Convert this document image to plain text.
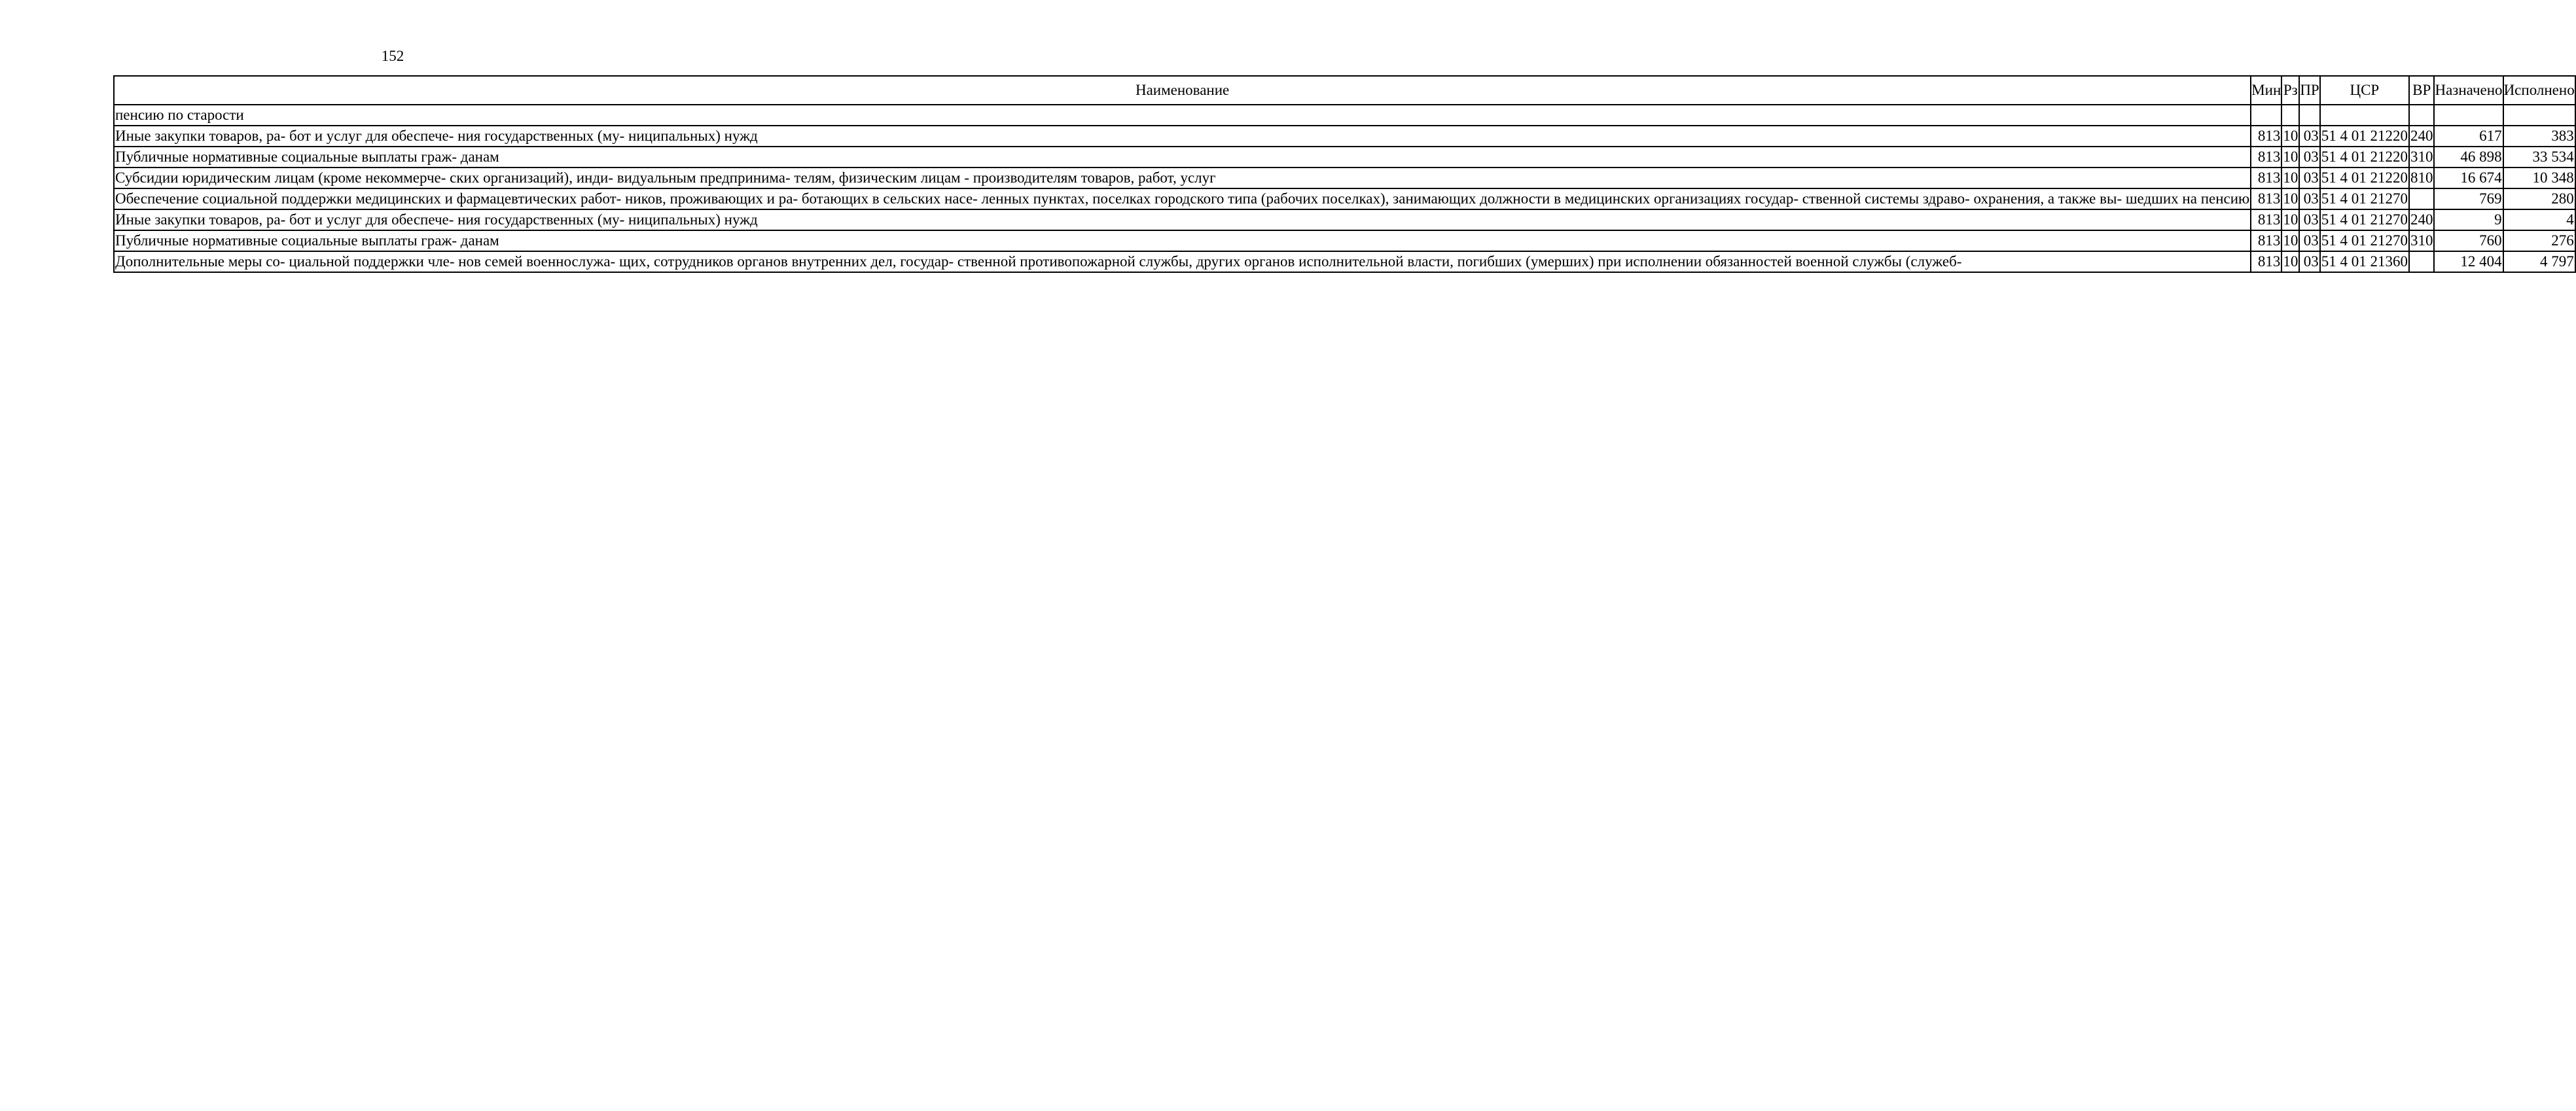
152
Наименование	Мин	Рз	ПР	ЦСР	ВР	Назначено	Исполнено
пенсию по старости							
Иные закупки товаров, ра- бот и услуг для обеспече- ния государственных (му- ниципальных) нужд	813	10	03	51 4 01 21220	240	617	383
Публичные нормативные социальные выплаты граж- данам	813	10	03	51 4 01 21220	310	46 898	33 534
Субсидии юридическим лицам (кроме некоммерче- ских организаций), инди- видуальным предпринима- телям, физическим лицам - производителям товаров, работ, услуг	813	10	03	51 4 01 21220	810	16 674	10 348
Обеспечение социальной поддержки медицинских и фармацевтических работ- ников, проживающих и ра- ботающих в сельских насе- ленных пунктах, поселках городского типа (рабочих поселках), занимающих должности в медицинских организациях государ- ственной системы здраво- охранения, а также вы- шедших на пенсию	813	10	03	51 4 01 21270		769	280
Иные закупки товаров, ра- бот и услуг для обеспече- ния государственных (му- ниципальных) нужд	813	10	03	51 4 01 21270	240	9	4
Публичные нормативные социальные выплаты граж- данам	813	10	03	51 4 01 21270	310	760	276
Дополнительные меры со- циальной поддержки чле- нов семей военнослужа- щих, сотрудников органов внутренних дел, государ- ственной противопожарной службы, других органов исполнительной власти, погибших (умерших) при исполнении обязанностей военной службы (служеб-	813	10	03	51 4 01 21360		12 404	4 797
